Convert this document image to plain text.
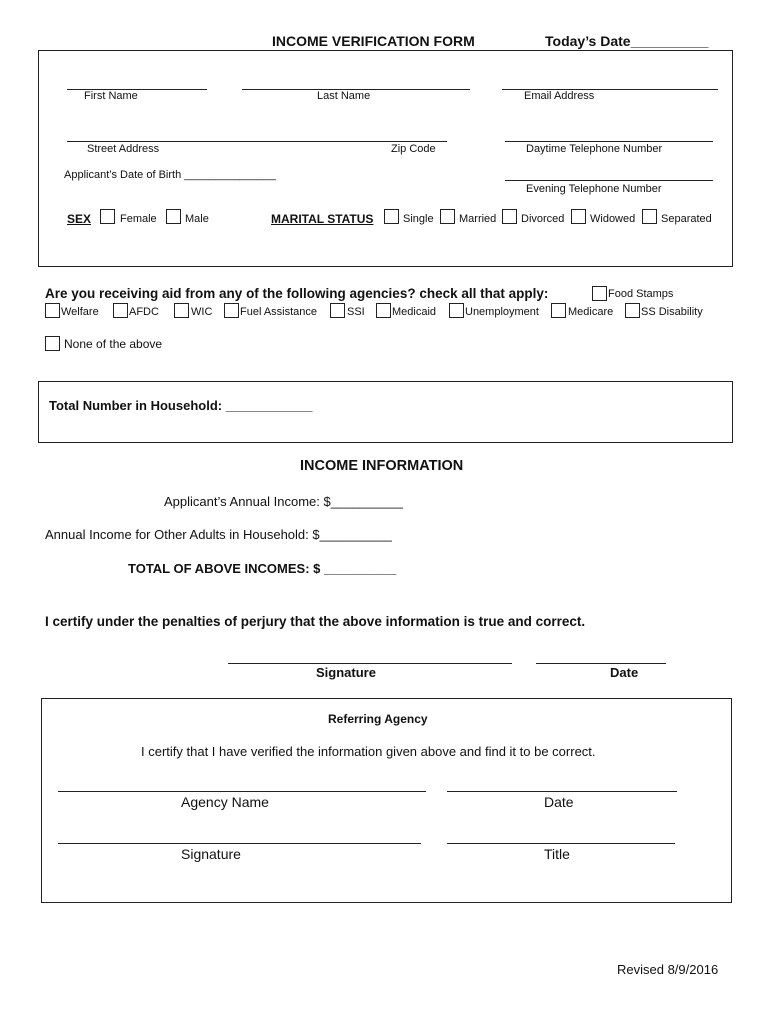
INCOME VERIFICATION FORM	Today’s Date__________
First Name	Last Name	Email Address
Street Address	Zip Code	Daytime Telephone Number
Applicant’s Date of Birth _______________
Evening Telephone Number
SEX	Female	Male	MARITAL STATUS	Single Married Divorced Widowed Separated
Are you receiving aid from any of the following agencies? check all that apply:	Food Stamps
Welfare	AFDC	WIC	Fuel Assistance	SSI Medicaid	Unemployment	Medicare	SS Disability
None of the above
Total Number in Household: ____________
INCOME INFORMATION
Applicant’s Annual Income: $__________
Annual Income for Other Adults in Household: $__________
TOTAL OF ABOVE INCOMES: $ __________
I certify under the penalties of perjury that the above information is true and correct.
Signature	Date
Referring Agency
I certify that I have verified the information given above and find it to be correct.
Agency Name	Date
Signature	Title
Revised 8/9/2016
